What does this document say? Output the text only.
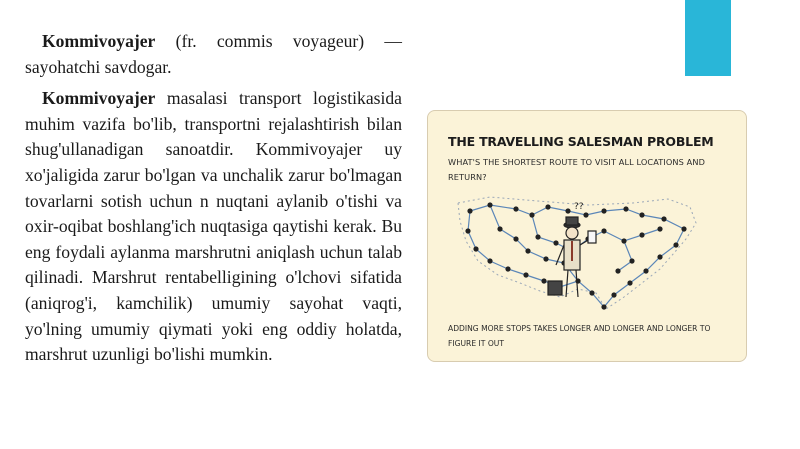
Kommivoyajer (fr. commis voyageur) — sayohatchi savdogar.

Kommivoyajer masalasi transport logistikasida muhim vazifa bo'lib, transportni rejalashtirish bilan shug'ullanadigan sanoatdir. Kommivoyajer uy xo'jaligida zarur bo'lgan va unchalik zarur bo'lmagan tovarlarni sotish uchun n nuqtani aylanib o'tishi va oxir-oqibat boshlang'ich nuqtasiga qaytishi kerak. Bu eng foydali aylanma marshrutni aniqlash uchun talab qilinadi. Marshrut rentabelligining o'lchovi sifatida (aniqrog'i, kamchilik) umumiy sayohat vaqti, yo'lning umumiy qiymati yoki eng oddiy holatda, marshrut uzunligi bo'lishi mumkin.

THE TRAVELLING SALESMAN PROBLEM
WHAT'S THE SHORTEST ROUTE TO VISIT ALL LOCATIONS AND RETURN?
??
ADDING MORE STOPS TAKES LONGER AND LONGER AND LONGER TO FIGURE IT OUT
